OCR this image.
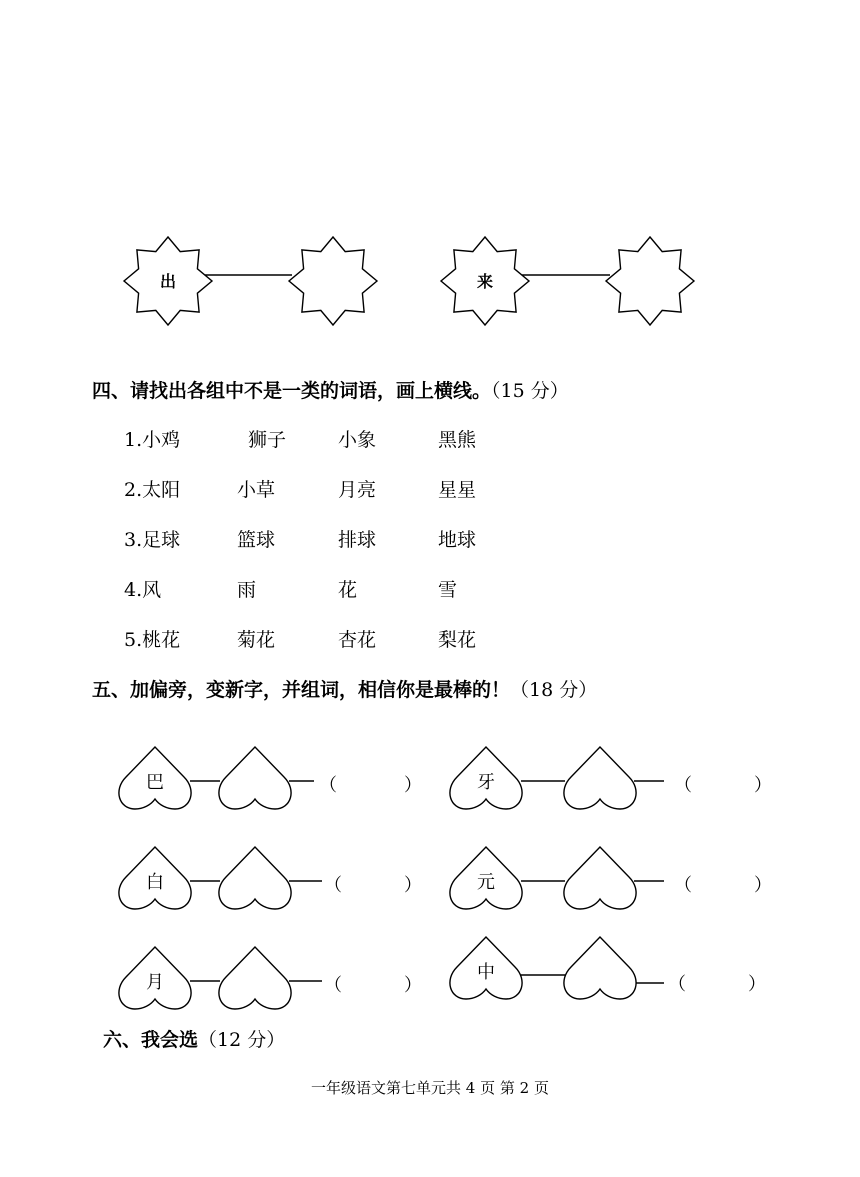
出	来
四、请找出各组中不是一类的词语，画上横线。（15 分）
1.小鸡	狮子	小象	黑熊
2.太阳	小草	月亮	星星
3.足球	篮球	排球	地球
4.风	雨	花	雪
5.桃花	菊花	杏花	梨花
五、加偏旁，变新字，并组词，相信你是最棒的！（18 分）
巴	（	）	牙	（	）
白	（	）	元	（	）
月	（	）
中
（	）
六、我会选（12 分）
一年级语文第七单元共 4 页 第 2 页
